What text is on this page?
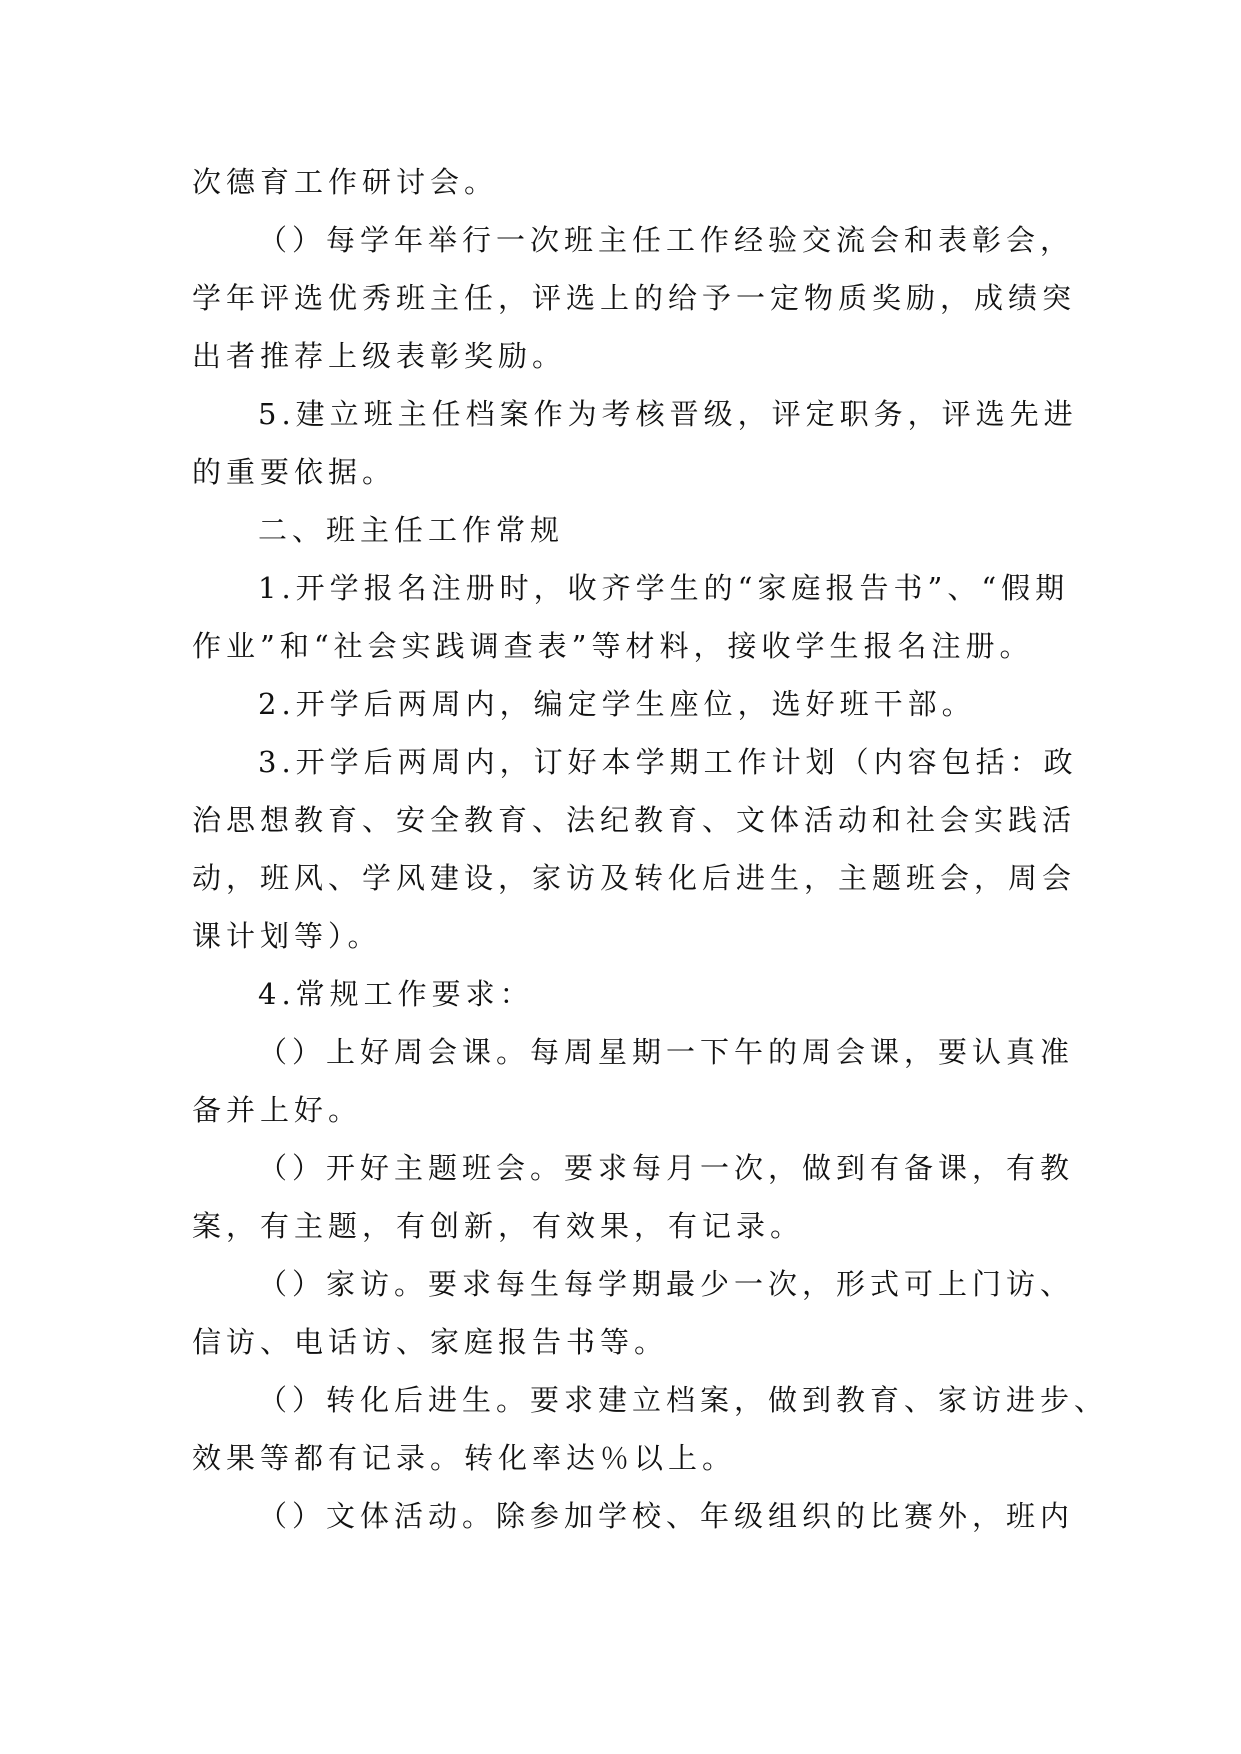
次德育工作研讨会。
（）每学年举行一次班主任工作经验交流会和表彰会，
学年评选优秀班主任，评选上的给予一定物质奖励，成绩突
出者推荐上级表彰奖励。
5.建立班主任档案作为考核晋级，评定职务，评选先进
的重要依据。
二、班主任工作常规
1.开学报名注册时，收齐学生的“家庭报告书”、“假期
作业”和“社会实践调查表”等材料，接收学生报名注册。
2.开学后两周内，编定学生座位，选好班干部。
3.开学后两周内，订好本学期工作计划（内容包括：政
治思想教育、安全教育、法纪教育、文体活动和社会实践活
动，班风、学风建设，家访及转化后进生，主题班会，周会
课计划等）。
4.常规工作要求：
（）上好周会课。每周星期一下午的周会课，要认真准
备并上好。
（）开好主题班会。要求每月一次，做到有备课，有教
案，有主题，有创新，有效果，有记录。
（）家访。要求每生每学期最少一次，形式可上门访、
信访、电话访、家庭报告书等。
（）转化后进生。要求建立档案，做到教育、家访进步、
效果等都有记录。转化率达％以上。
（）文体活动。除参加学校、年级组织的比赛外，班内
